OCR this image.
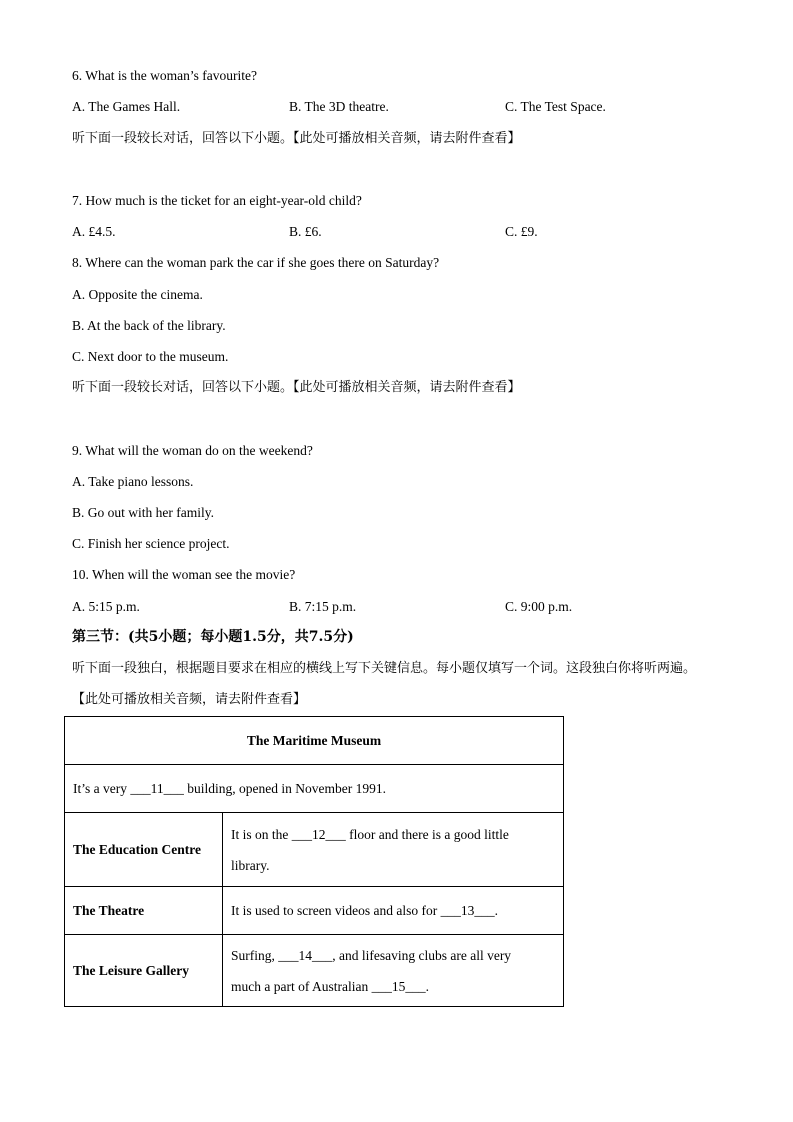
6. What is the woman’s favourite?
A. The Games Hall.	B. The 3D theatre.	C. The Test Space.
听下面一段较长对话，回答以下小题。【此处可播放相关音频，请去附件查看】
7. How much is the ticket for an eight-year-old child?
A. £4.5.	B. £6.	C. £9.
8. Where can the woman park the car if she goes there on Saturday?
A. Opposite the cinema.
B. At the back of the library.
C. Next door to the museum.
听下面一段较长对话，回答以下小题。【此处可播放相关音频，请去附件查看】
9. What will the woman do on the weekend?
A. Take piano lessons.
B. Go out with her family.
C. Finish her science project.
10. When will the woman see the movie?
A. 5:15 p.m.	B. 7:15 p.m.	C. 9:00 p.m.
第三节：(共5小题；每小题1.5分，共7.5分)
听下面一段独白，根据题目要求在相应的横线上写下关键信息。每小题仅填写一个词。这段独白你将听两遍。
【此处可播放相关音频，请去附件查看】
The Maritime Museum	
It’s a very ___11___ building, opened in November 1991.	
The Education Centre	It is on the ___12___ floor and there is a good little
library.

The Theatre	It is used to screen videos and also for ___13___.
The Leisure Gallery	Surfing, ___14___, and lifesaving clubs are all very
much a part of Australian ___15___.
